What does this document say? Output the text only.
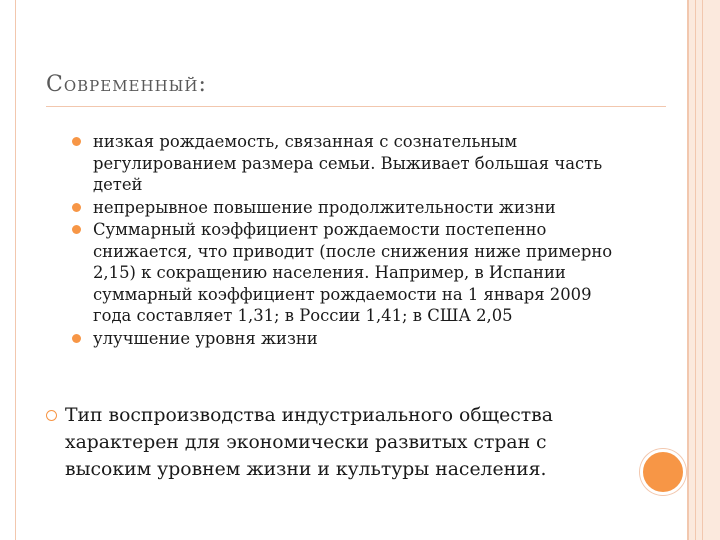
Современный:
низкая рождаемость, связанная с сознательным регулированием размера семьи. Выживает большая часть детей
непрерывное повышение продолжительности жизни
Суммарный коэффициент рождаемости постепенно снижается, что приводит (после снижения ниже примерно 2,15) к сокращению населения. Например, в Испании суммарный коэффициент рождаемости на 1 января 2009 года составляет 1,31; в России 1,41; в США 2,05
улучшение уровня жизни
Тип воспроизводства индустриального общества характерен для экономически развитых стран с высоким уровнем жизни и культуры населения.
